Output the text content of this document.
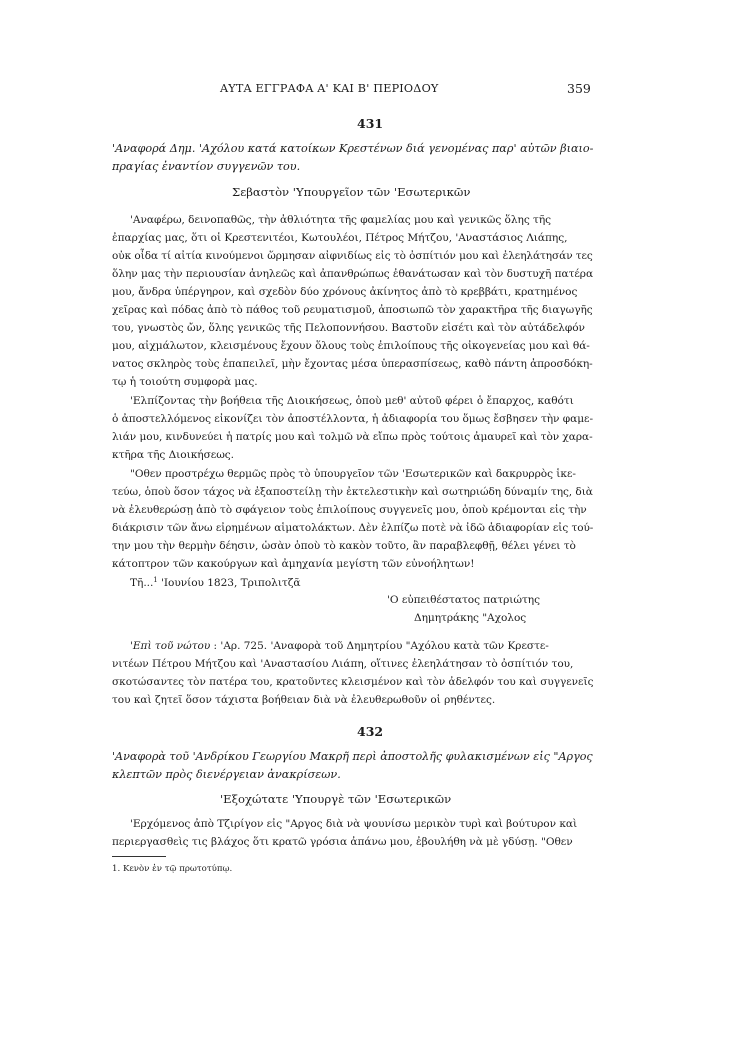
ΑΥΤΑ ΕΓΓΡΑΦΑ Α' ΚΑΙ Β' ΠΕΡΙΟΔΟΥ	359
431
'Αναφορά Δημ. 'Αχόλου κατά κατοίκων Κρεστένων διά γενομένας παρ' αὐτῶν βιαιο-
πραγίας ἐναντίον συγγενῶν του.
Σεβαστὸν 'Υπουργεῖον τῶν 'Εσωτερικῶν
'Αναφέρω, δεινοπαθῶς, τὴν ἀθλιότητα τῆς φαμελίας μου καὶ γενικῶς ὅλης τῆς
ἐπαρχίας μας, ὅτι οἱ Κρεστενιτέοι, Κωτουλέοι, Πέτρος Μήτζου, 'Αναστάσιος Λιάπης,
οὐκ οἶδα τί αἰτία κινούμενοι ὥρμησαν αἰφνιδίως εἰς τὸ ὀσπίτιόν μου καὶ ἐλεηλάτησάν τες
ὅλην μας τὴν περιουσίαν ἀνηλεῶς καὶ ἀπανθρώπως ἐθανάτωσαν καὶ τὸν δυστυχῆ πατέρα
μου, ἄνδρα ὑπέργηρον, καὶ σχεδὸν δύο χρόνους ἀκίνητος ἀπὸ τὸ κρεββάτι, κρατημένος
χεῖρας καὶ πόδας ἀπὸ τὸ πάθος τοῦ ρευματισμοῦ, ἀποσιωπῶ τὸν χαρακτῆρα τῆς διαγωγῆς
του, γνωστὸς ὤν, ὅλης γενικῶς τῆς Πελοποννήσου. Βαστοῦν εἰσέτι καὶ τὸν αὐτάδελφόν
μου, αἰχμάλωτον, κλεισμένους ἔχουν ὅλους τοὺς ἐπιλοίπους τῆς οἰκογενείας μου καὶ θά-
νατος σκληρὸς τοὺς ἐπαπειλεῖ, μὴν ἔχοντας μέσα ὑπερασπίσεως, καθὸ πάντη ἀπροσδόκη-
τῳ ἡ τοιούτη συμφορὰ μας.
'Ελπίζοντας τὴν βοήθεια τῆς Διοικήσεως, ὁποὺ μεθ' αὐτοῦ φέρει ὁ ἔπαρχος, καθότι
ὁ ἀποστελλόμενος εἰκονίζει τὸν ἀποστέλλοντα, ἡ ἀδιαφορία του ὅμως ἔσβησεν τὴν φαμε-
λιάν μου, κινδυνεύει ἡ πατρίς μου καὶ τολμῶ νὰ εἴπω πρὸς τούτοις ἀμαυρεῖ καὶ τὸν χαρα-
κτῆρα τῆς Διοικήσεως.
"Οθεν προστρέχω θερμῶς πρὸς τὸ ὑπουργεῖον τῶν 'Εσωτερικῶν καὶ δακρυρρὸς ἱκε-
τεύω, ὁποὺ ὅσον τάχος νὰ ἐξαποστείλῃ τὴν ἐκτελεστικὴν καὶ σωτηριώδη δύναμίν της, διὰ
νὰ ἐλευθερώσῃ ἀπὸ τὸ σφάγειον τοὺς ἐπιλοίπους συγγενεῖς μου, ὁποὺ κρέμονται εἰς τὴν
διάκρισιν τῶν ἄνω εἰρημένων αἱματολάκτων. Δὲν ἐλπίζω ποτὲ νὰ ἰδῶ ἀδιαφορίαν εἰς τού-
την μου τὴν θερμὴν δέησιν, ὡσὰν ὁποὺ τὸ κακὸν τοῦτο, ἂν παραβλεφθῇ, θέλει γένει τὸ
κάτοπτρον τῶν κακούργων καὶ ἀμηχανία μεγίστη τῶν εὐνοήλητων!
Τῆ...$^1$ 'Ιουνίου 1823, Τριπολιτζᾶ
'Ο εὐπειθέστατος πατριώτης
Δημητράκης "Αχολος
'Επὶ τοῦ νώτου : 'Αρ. 725. 'Αναφορὰ τοῦ Δημητρίου "Αχόλου κατὰ τῶν Κρεστε-
νιτέων Πέτρου Μήτζου καὶ 'Αναστασίου Λιάπη, οἵτινες ἐλεηλάτησαν τὸ ὀσπίτιόν του,
σκοτώσαντες τὸν πατέρα του, κρατοῦντες κλεισμένον καὶ τὸν ἀδελφόν του καὶ συγγενεῖς
του καὶ ζητεῖ ὅσον τάχιστα βοήθειαν διὰ νὰ ἐλευθερωθοῦν οἱ ρηθέντες.
432
'Αναφορὰ τοῦ 'Ανδρίκου Γεωργίου Μακρῆ περὶ ἀποστολῆς φυλακισμένων εἰς "Αργος
κλεπτῶν πρὸς διενέργειαν ἀνακρίσεων.
'Εξοχώτατε 'Υπουργὲ τῶν 'Εσωτερικῶν
'Ερχόμενος ἀπὸ Τζιρίγον εἰς "Αργος διὰ νὰ ψουνίσω μερικὸν τυρὶ καὶ βούτυρον καὶ
περιεργασθεὶς τις βλάχος ὅτι κρατῶ γρόσια ἀπάνω μου, ἐβουλήθη νὰ μὲ γδύσῃ. "Οθεν
1. Κενὸν ἐν τῷ πρωτοτύπῳ.
